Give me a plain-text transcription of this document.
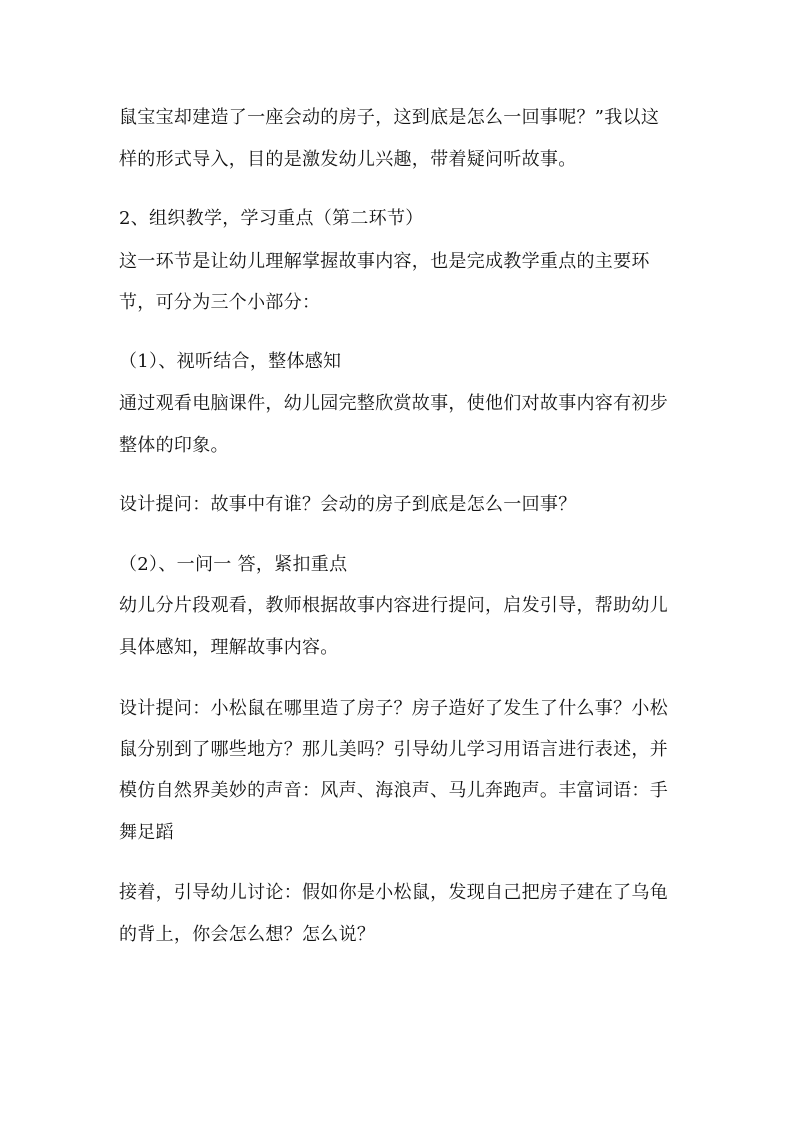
鼠宝宝却建造了一座会动的房子，这到底是怎么一回事呢？”我以这
样的形式导入，目的是激发幼儿兴趣，带着疑问听故事。
2、组织教学，学习重点（第二环节）
这一环节是让幼儿理解掌握故事内容，也是完成教学重点的主要环
节，可分为三个小部分：
（1）、视听结合，整体感知
通过观看电脑课件，幼儿园完整欣赏故事，使他们对故事内容有初步
整体的印象。
设计提问：故事中有谁？会动的房子到底是怎么一回事？
（2）、一问一 答，紧扣重点
幼儿分片段观看，教师根据故事内容进行提问，启发引导，帮助幼儿
具体感知，理解故事内容。
设计提问：小松鼠在哪里造了房子？房子造好了发生了什么事？小松
鼠分别到了哪些地方？那儿美吗？引导幼儿学习用语言进行表述，并
模仿自然界美妙的声音：风声、海浪声、马儿奔跑声。丰富词语：手
舞足蹈
接着，引导幼儿讨论：假如你是小松鼠，发现自己把房子建在了乌龟
的背上，你会怎么想？怎么说？
